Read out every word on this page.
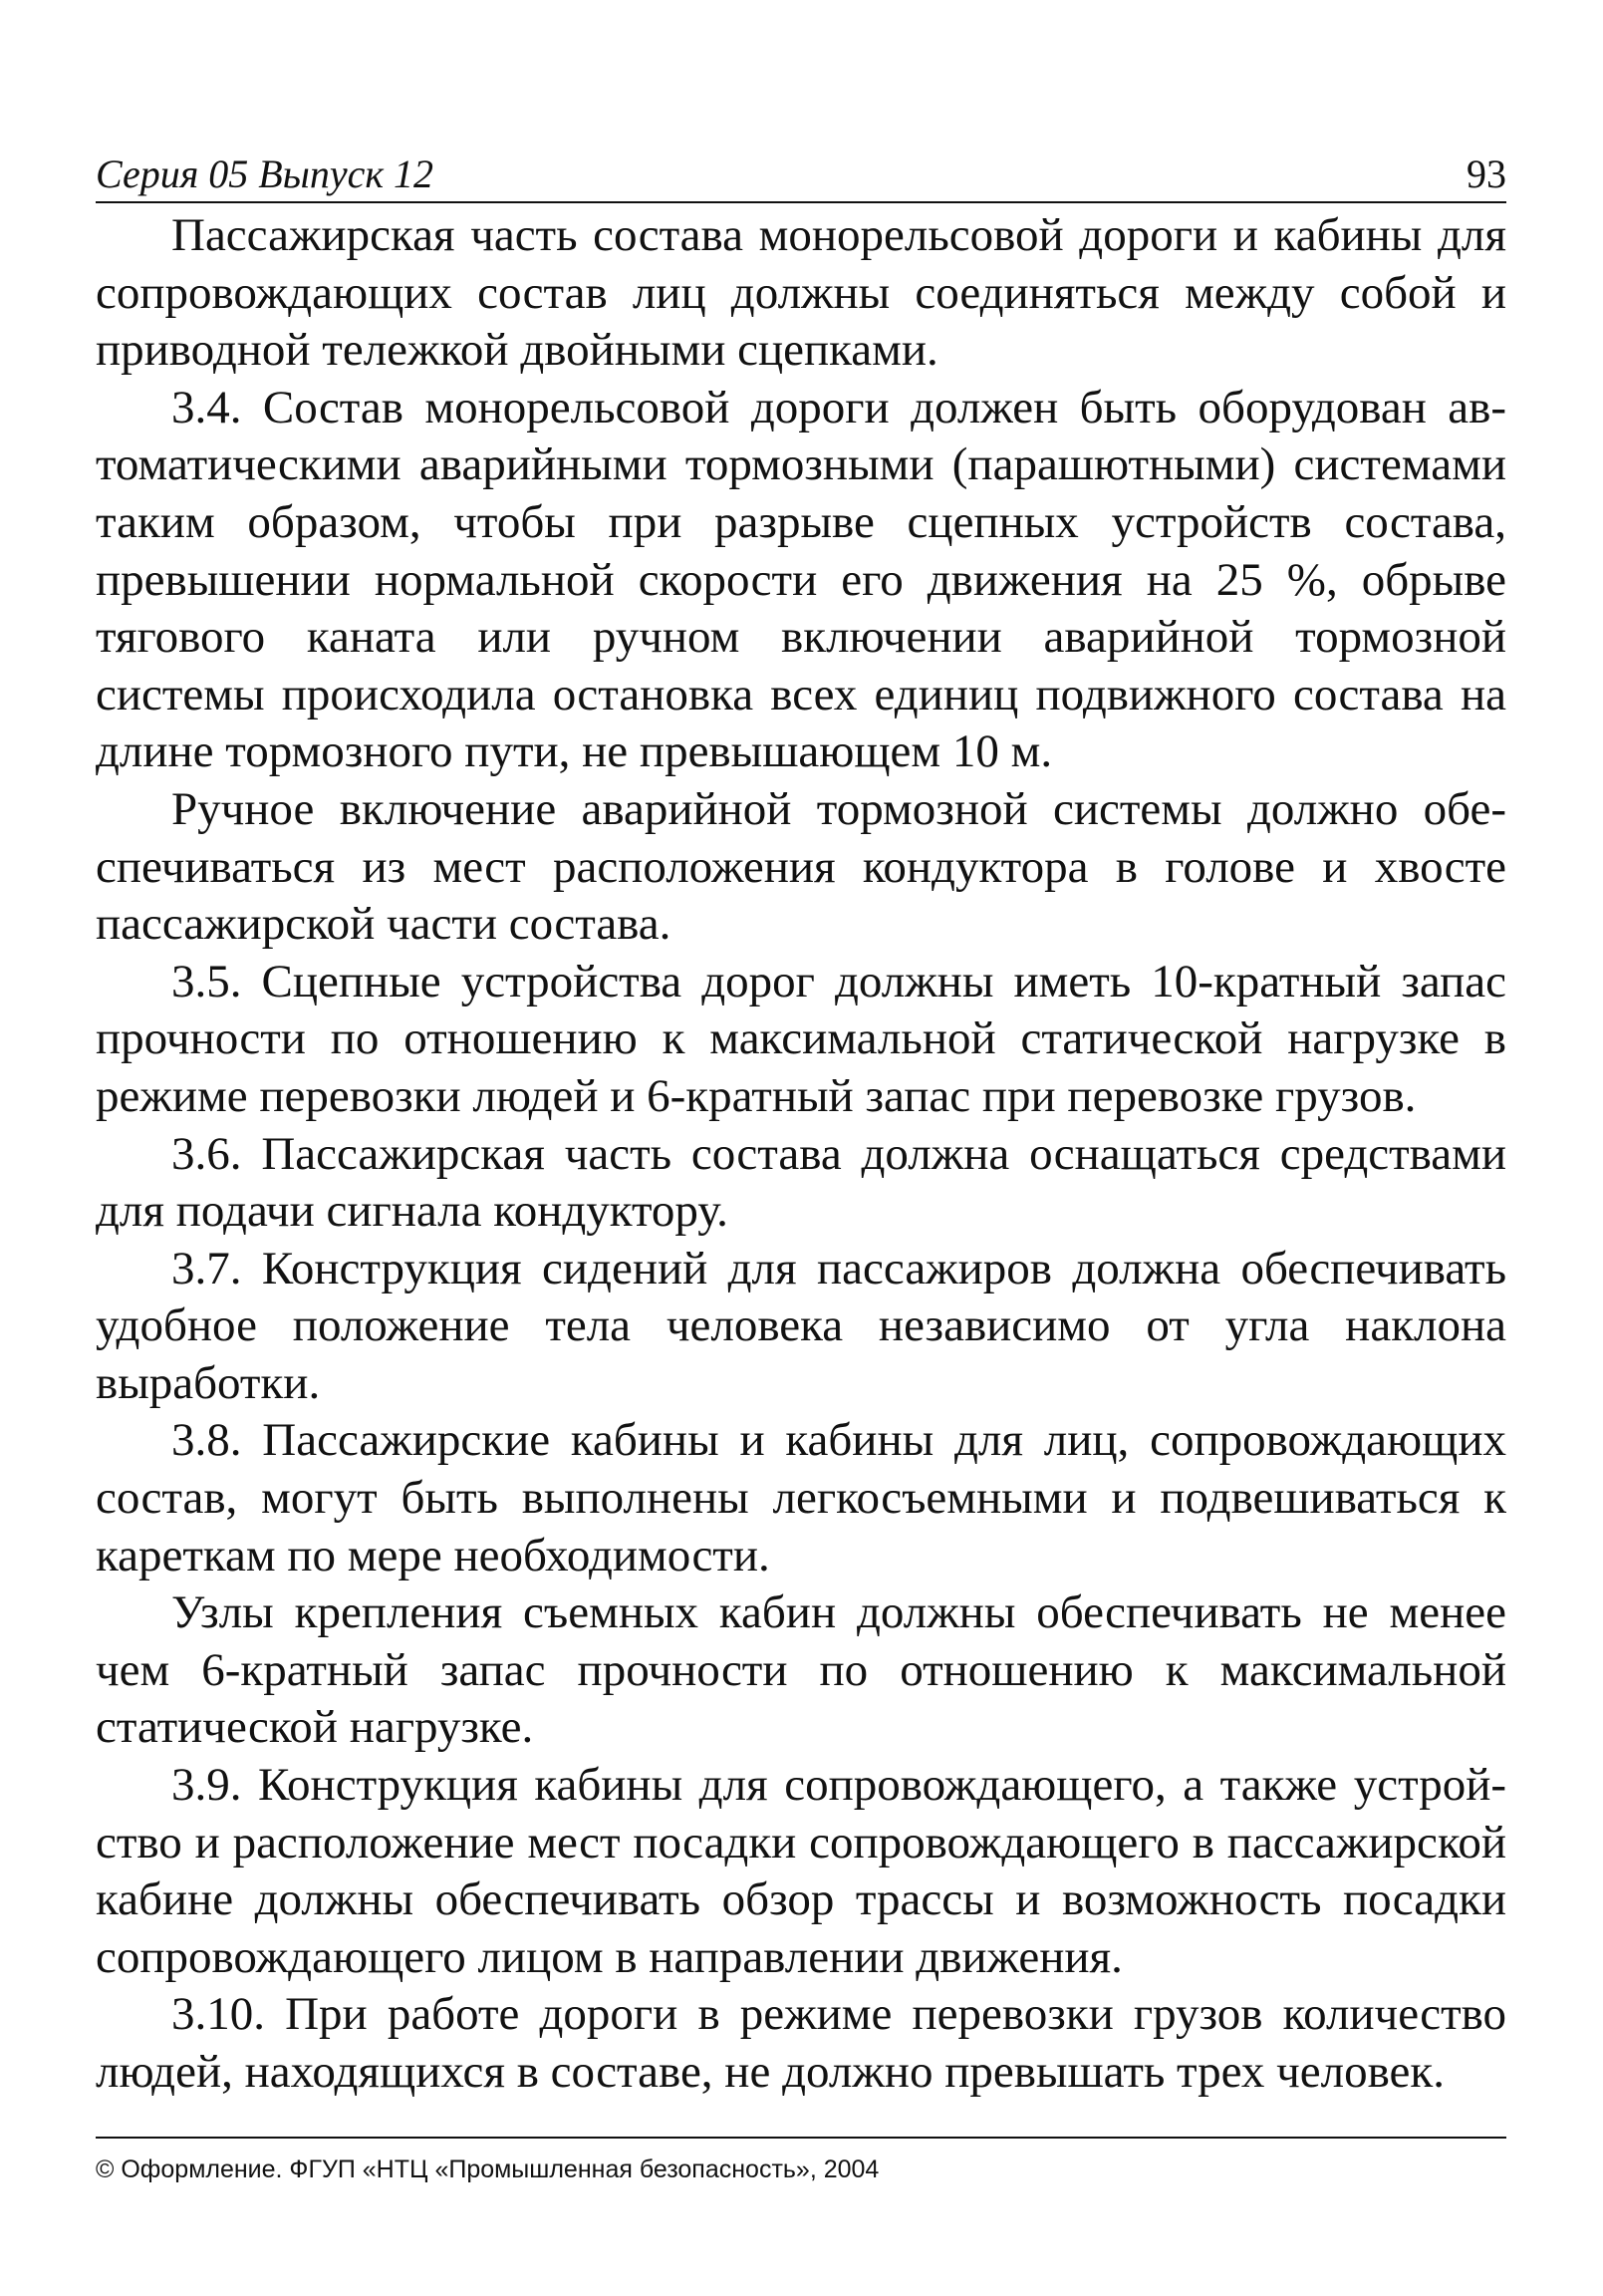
Серия 05 Выпуск 12	93

Пассажирская часть состава монорельсовой дороги и кабины для сопровождающих состав лиц должны соединяться между собой и приводной тележкой двойными сцепками.

3.4. Состав монорельсовой дороги должен быть оборудован автоматическими аварийными тормозными (парашютными) системами таким образом, чтобы при разрыве сцепных устройств состава, превышении нормальной скорости его движения на 25 %, обрыве тягового каната или ручном включении аварийной тормозной системы происходила остановка всех единиц подвижного состава на длине тормозного пути, не превышающем 10 м.

Ручное включение аварийной тормозной системы должно обеспечиваться из мест расположения кондуктора в голове и хвосте пассажирской части состава.

3.5. Сцепные устройства дорог должны иметь 10-кратный запас прочности по отношению к максимальной статической нагрузке в режиме перевозки людей и 6-кратный запас при перевозке грузов.

3.6. Пассажирская часть состава должна оснащаться средствами для подачи сигнала кондуктору.

3.7. Конструкция сидений для пассажиров должна обеспечивать удобное положение тела человека независимо от угла наклона выработки.

3.8. Пассажирские кабины и кабины для лиц, сопровождающих состав, могут быть выполнены легкосъемными и подвешиваться к кареткам по мере необходимости.

Узлы крепления съемных кабин должны обеспечивать не менее чем 6-кратный запас прочности по отношению к максимальной статической нагрузке.

3.9. Конструкция кабины для сопровождающего, а также устройство и расположение мест посадки сопровождающего в пассажирской кабине должны обеспечивать обзор трассы и возможность посадки сопровождающего лицом в направлении движения.

3.10. При работе дороги в режиме перевозки грузов количество людей, находящихся в составе, не должно превышать трех человек.

© Оформление. ФГУП «НТЦ «Промышленная безопасность», 2004
